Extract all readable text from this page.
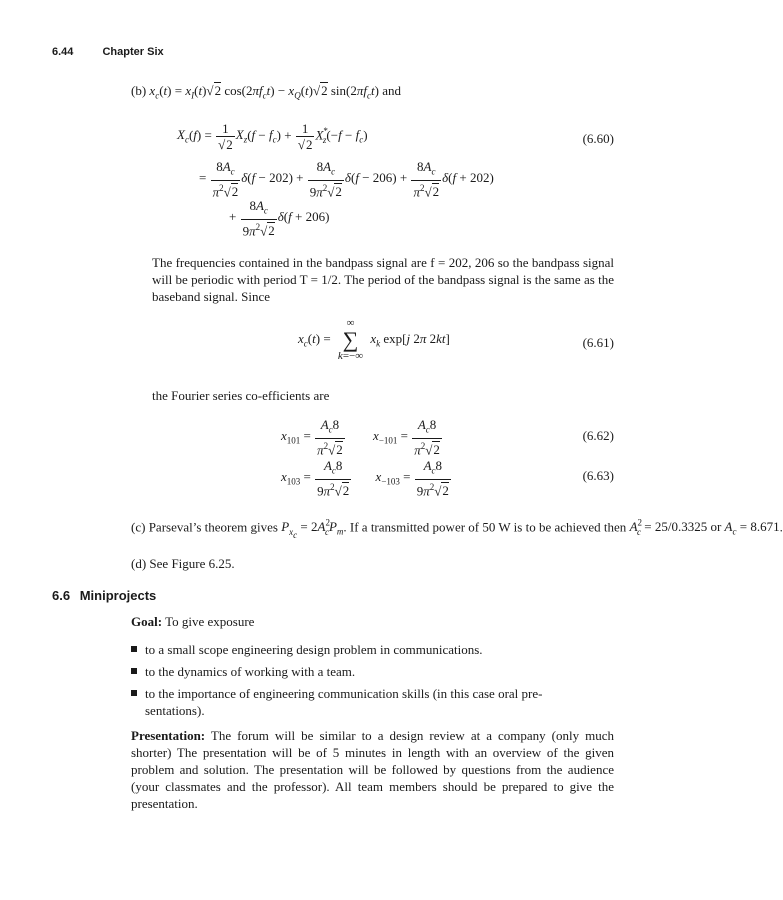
6.44	Chapter Six
(b) $x_c(t) = x_I(t)√2$ $\cos(2\pi f_ct) - x_Q(t)√2$ $\sin(2\pi f_ct)$ and
$X_c(f) = \frac{1}{√2} X_z(f - f_c) + \frac{1}{√2} X^*_z(-f - f_c)$	(6.60)
= $\frac{8A_c}{\pi^2√2} \delta(f - 202) + \frac{8A_c}{9\pi^2√2} \delta(f - 206) + \frac{8A_c}{\pi^2√2} \delta(f + 202)$
+ $\frac{8A_c}{9\pi^2√2} \delta(f + 206)$
The frequencies contained in the bandpass signal are f = 202, 206 so the bandpass signal will be periodic with period T = 1/2. The period of the bandpass signal is the same as the baseband signal. Since
$x_c(t)$ = ∞
∑
k=−∞ $x_k$ exp[j 2π 2kt]	(6.61)
the Fourier series co-efficients are
$x_{101} = \frac{A_c8}{\pi^2√2} x_{-101} = \frac{A_c8}{\pi^2√2}$	(6.62)
$x_{103} = \frac{A_c8}{9\pi^2√2} x_{-103} = \frac{A_c8}{9\pi^2√2}$	(6.63)
(c) Parseval’s theorem gives $P_{x_c} = 2A^2_cP_m$. If a transmitted power of 50 W is to be achieved then $A^2_c = 25/0.3325$ or $A_c = 8.671$.
(d) See Figure 6.25.
6.6 Miniprojects
Goal: To give exposure
to a small scope engineering design problem in communications.
to the dynamics of working with a team.
to the importance of engineering communication skills (in this case oral pre-
sentations).
Presentation: The forum will be similar to a design review at a company (only much shorter) The presentation will be of 5 minutes in length with an overview of the given problem and solution. The presentation will be followed by questions from the audience (your classmates and the professor). All team members should be prepared to give the presentation.
